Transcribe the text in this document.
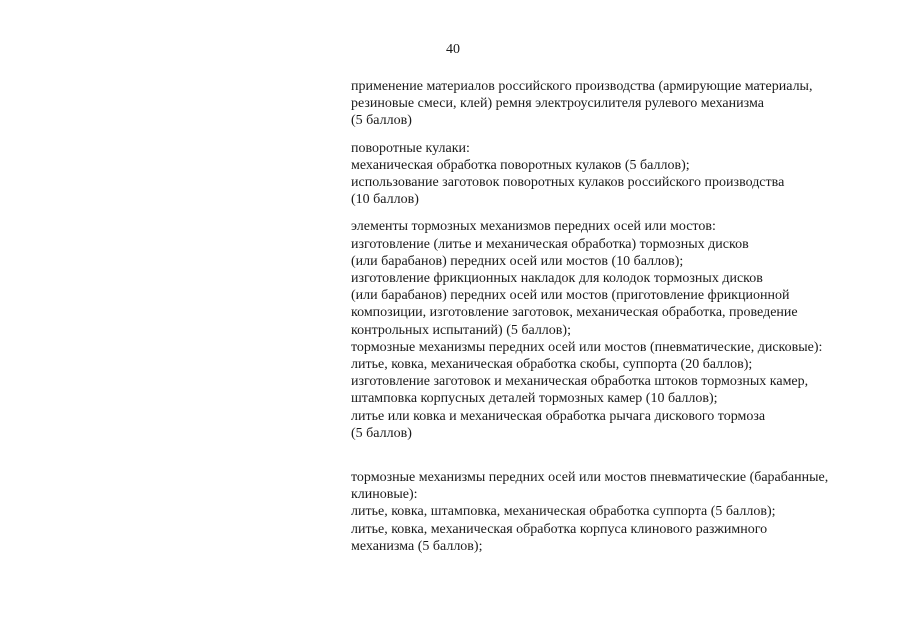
40

применение материалов российского производства (армирующие материалы,
резиновые смеси, клей) ремня электроусилителя рулевого механизма
(5 баллов)

поворотные кулаки:
механическая обработка поворотных кулаков (5 баллов);
использование заготовок поворотных кулаков российского производства
(10 баллов)

элементы тормозных механизмов передних осей или мостов:
изготовление (литье и механическая обработка) тормозных дисков
(или барабанов) передних осей или мостов (10 баллов);
изготовление фрикционных накладок для колодок тормозных дисков
(или барабанов) передних осей или мостов (приготовление фрикционной
композиции, изготовление заготовок, механическая обработка, проведение
контрольных испытаний) (5 баллов);
тормозные механизмы передних осей или мостов (пневматические, дисковые):
литье, ковка, механическая обработка скобы, суппорта (20 баллов);
изготовление заготовок и механическая обработка штоков тормозных камер,
штамповка корпусных деталей тормозных камер (10 баллов);
литье или ковка и механическая обработка рычага дискового тормоза
(5 баллов)

тормозные механизмы передних осей или мостов пневматические (барабанные,
клиновые):
литье, ковка, штамповка, механическая обработка суппорта (5 баллов);
литье, ковка, механическая обработка корпуса клинового разжимного
механизма (5 баллов);
